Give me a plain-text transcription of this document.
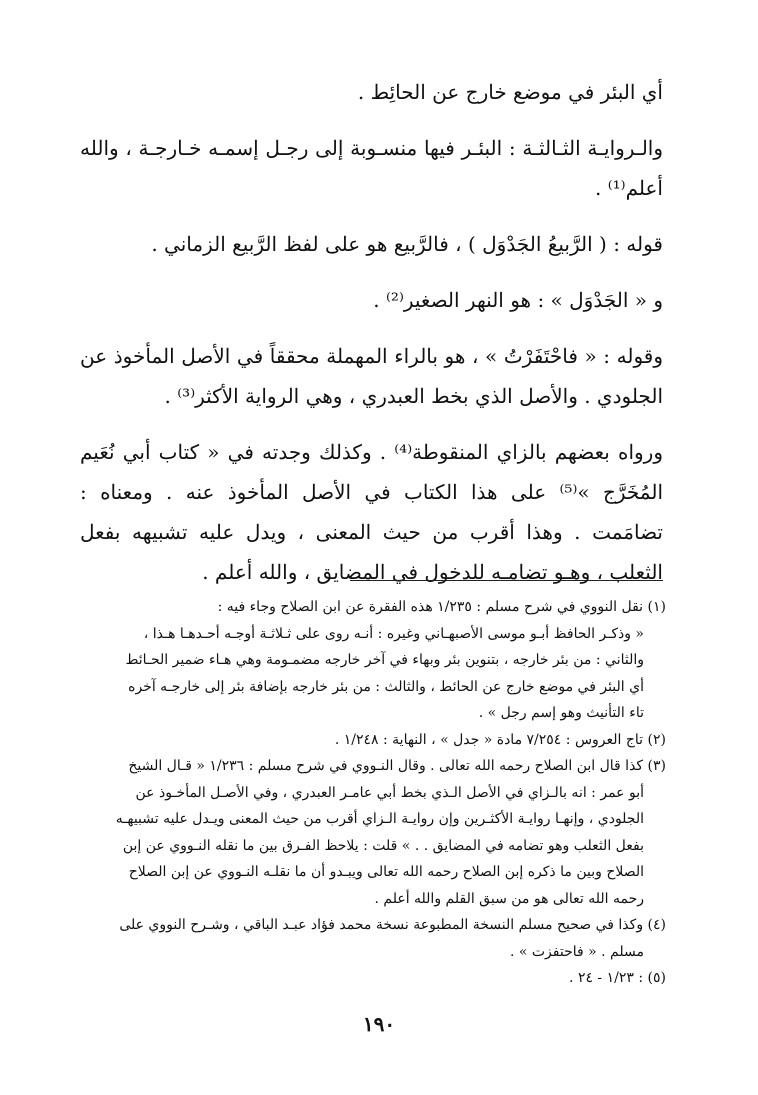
أي البئر في موضع خارج عن الحائِط .

والـروايـة الثـالثـة : البئـر فيها منسـوبة إلى رجـل إسمـه خـارجـة ، والله أعلم⁽¹⁾ .

قوله : ( الرَّبيعُ الجَدْوَل ) ، فالرَّبيع هو على لفظ الرَّبيع الزماني .

و « الجَدْوَل » : هو النهر الصغير⁽²⁾ .

وقوله : « فاحْتَفَرْتُ » ، هو بالراء المهملة محققاً في الأصل المأخوذ عن الجلودي . والأصل الذي بخط العبدري ، وهي الرواية الأكثر⁽³⁾ .

ورواه بعضهم بالزاي المنقوطة⁽⁴⁾ . وكذلك وجدته في « كتاب أبي نُعَيم المُخَرَّج »⁽⁵⁾ على هذا الكتاب في الأصل المأخوذ عنه . ومعناه : تضامَمت . وهذا أقرب من حيث المعنى ، ويدل عليه تشبيهه بفعل الثعلب ، وهـو تضامـه للدخول في المضايق ، والله أعلم .

(١) نقل النووي في شرح مسلم : ١/٢٣٥ هذه الفقرة عن ابن الصلاح وجاء فيه :
« وذكـر الحافظ أبـو موسى الأصبهـاني وغيره : أنـه روى على ثـلاثـة أوجـه أحـدهـا هـذا ،
والثاني : من بئر خارجه ، بتنوين بئر وبهاء في آخر خارجه مضمـومة وهي هـاء ضمير الحـائط
أي البئر في موضع خارج عن الحائط ، والثالث : من بئر خارجه بإضافة بئر إلى خارجـه آخره
تاء التأنيث وهو إسم رجل » .
(٢) تاج العروس : ٧/٢٥٤ مادة « جدل » ، النهاية : ١/٢٤٨ .
(٣) كذا قال ابن الصلاح رحمه الله تعالى . وقال النـووي في شرح مسلم : ١/٢٣٦ « قـال الشيخ
أبو عمر : انه بالـزاي في الأصل الـذي بخط أبي عامـر العبدري ، وفي الأصـل المأخـوذ عن
الجلودي ، وإنهـا روايـة الأكثـرين وإن روايـة الـزاي أقرب من حيث المعنى ويـدل عليه تشبيهـه
بفعل الثعلب وهو تضامه في المضايق . . » قلت : يلاحظ الفـرق بين ما نقله النـووي عن إبن
الصلاح وبين ما ذكره إبن الصلاح رحمه الله تعالى ويبـدو أن ما نقلـه النـووي عن إبن الصلاح
رحمه الله تعالى هو من سبق القلم والله أعلم .
(٤) وكذا في صحيح مسلم النسخة المطبوعة نسخة محمد فؤاد عبـد الباقي ، وشـرح النووي على
مسلم . « فاحتفزت » .
(٥) : ١/٢٣ - ٢٤ .
١٩٠
